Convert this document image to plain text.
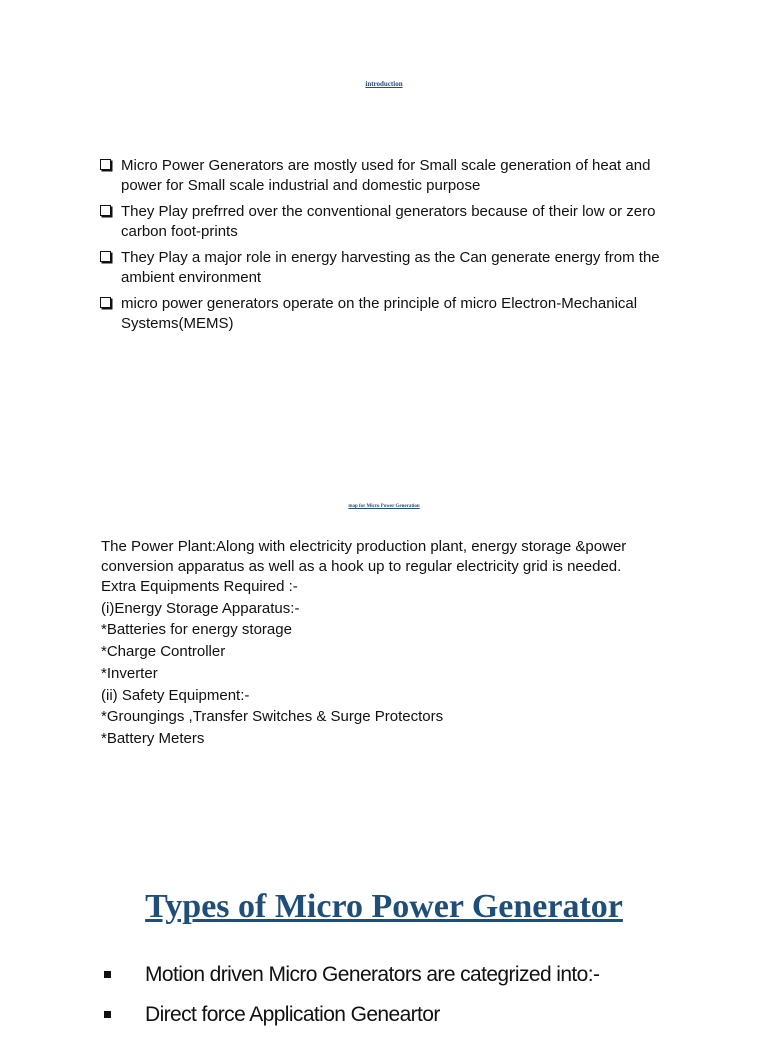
introduction
Micro Power Generators are mostly used for Small scale generation of heat and power for Small scale industrial and domestic purpose
They Play prefrred over the conventional generators because of their low or zero carbon foot-prints
They Play a major role in energy harvesting as the Can generate energy from the ambient environment
micro power generators operate on the principle of micro Electron-Mechanical Systems(MEMS)
map for Micro Power Generation

The Power Plant:Along with electricity production plant, energy storage &power conversion apparatus as well as a hook up to regular electricity grid is needed.

Extra Equipments Required :-
(i)Energy Storage Apparatus:-
*Batteries for energy storage
*Charge Controller
*Inverter
(ii) Safety Equipment:-
*Groungings ,Transfer Switches & Surge Protectors
*Battery Meters
Types of Micro Power Generator
Motion driven Micro Generators are categrized into:-
Direct force Application Geneartor
